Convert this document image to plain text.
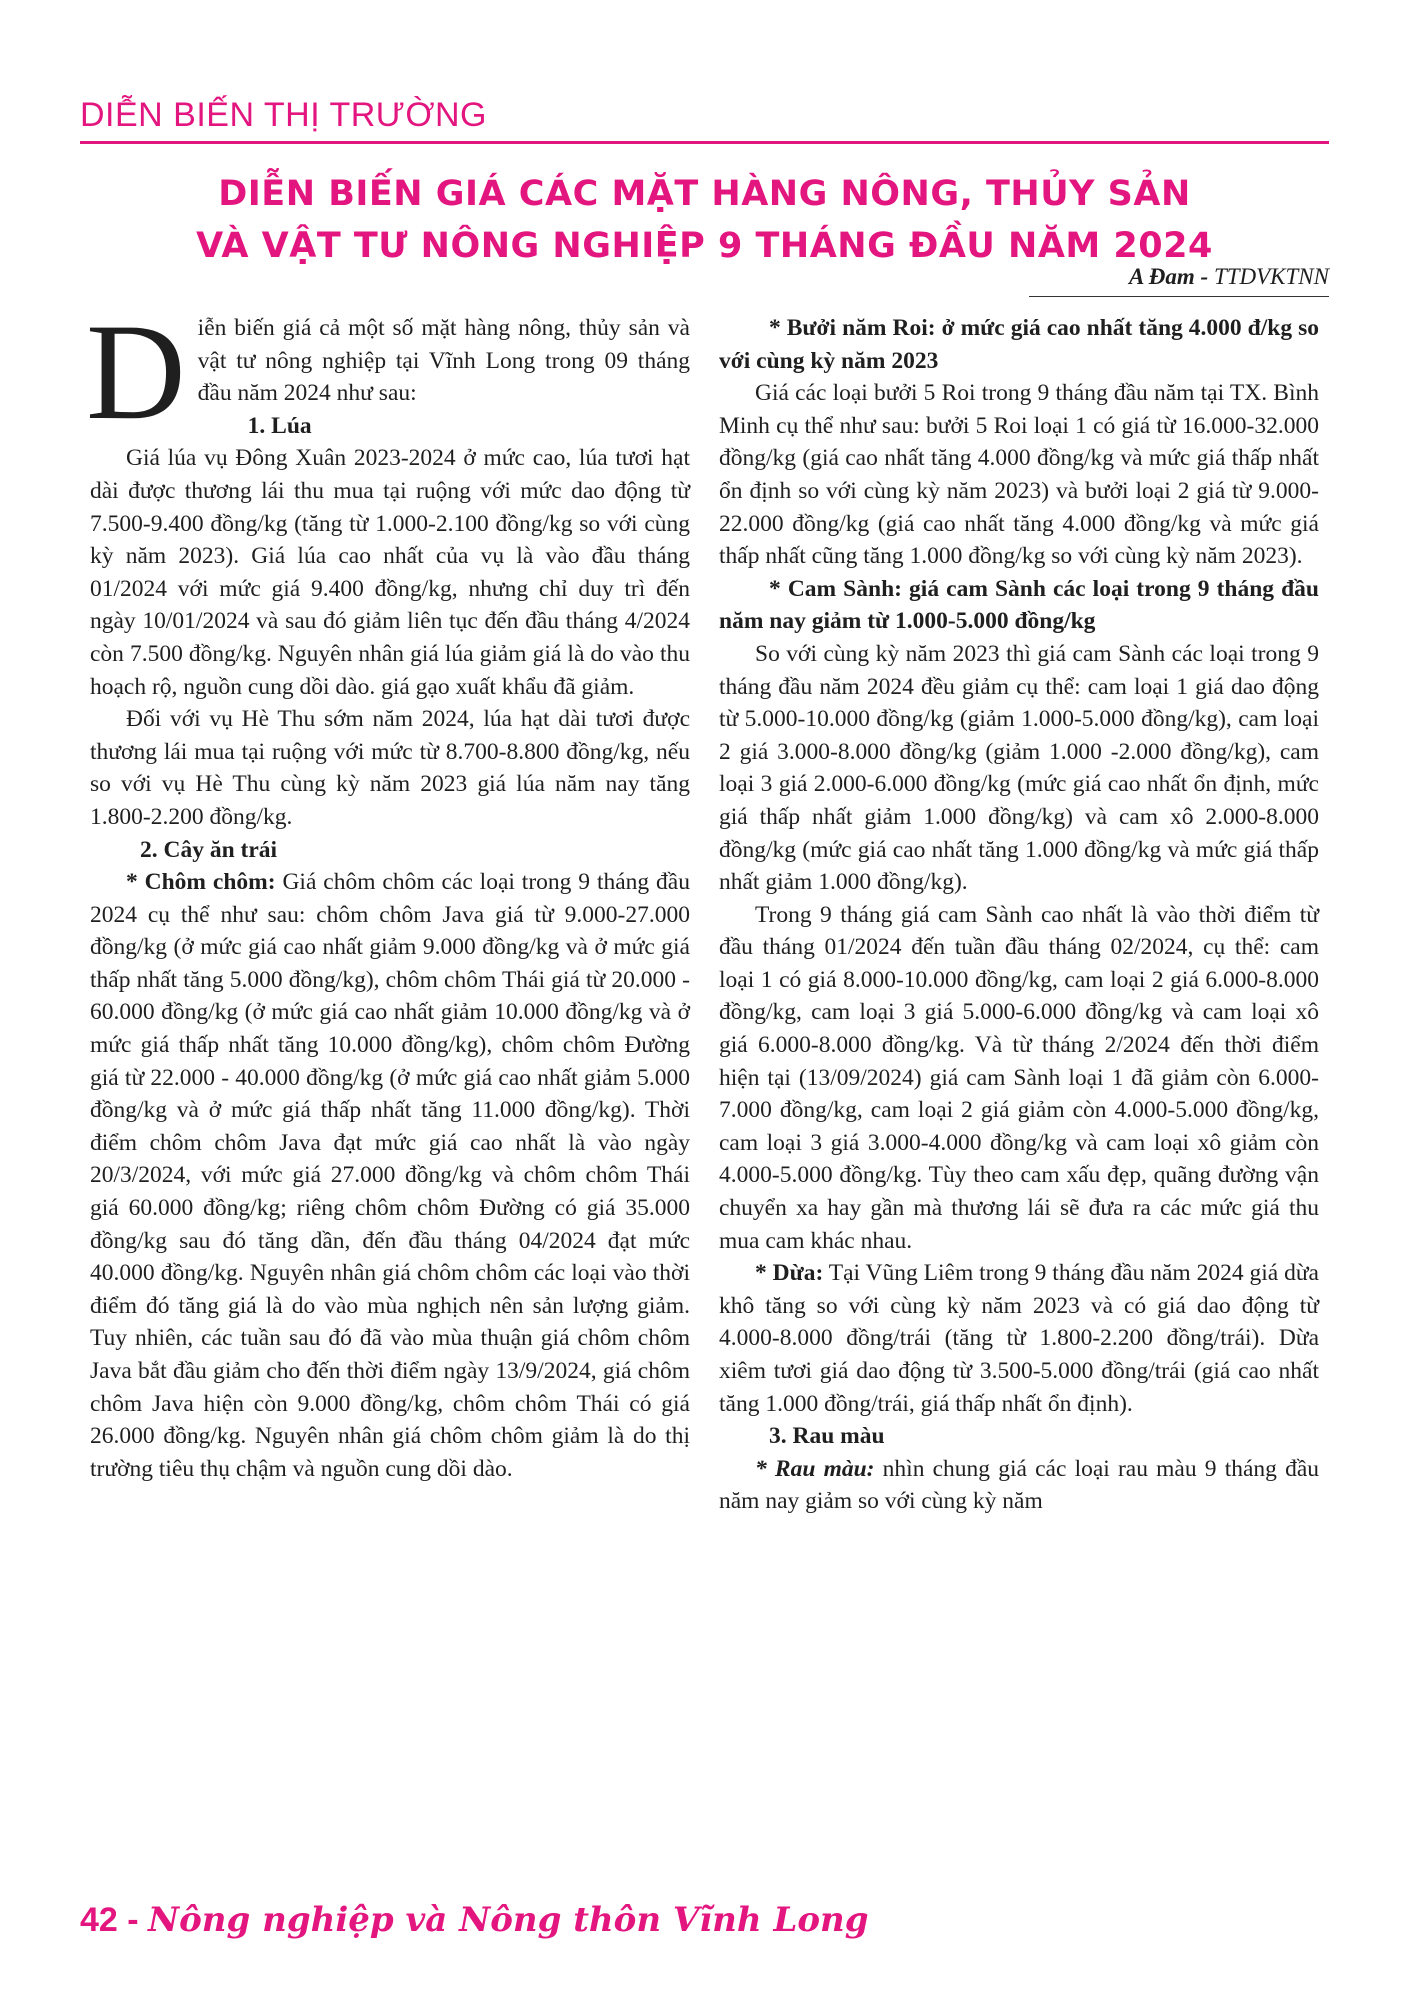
DIỄN BIẾN THỊ TRƯỜNG
DIỄN BIẾN GIÁ CÁC MẶT HÀNG NÔNG, THỦY SẢN
VÀ VẬT TƯ NÔNG NGHIỆP 9 THÁNG ĐẦU NĂM 2024
A Đam - TTDVKTNN

Diễn biến giá cả một số mặt hàng nông, thủy sản và vật tư nông nghiệp tại Vĩnh Long trong 09 tháng đầu năm 2024 như sau:

1. Lúa

Giá lúa vụ Đông Xuân 2023-2024 ở mức cao, lúa tươi hạt dài được thương lái thu mua tại ruộng với mức dao động từ 7.500-9.400 đồng/kg (tăng từ 1.000-2.100 đồng/kg so với cùng kỳ năm 2023). Giá lúa cao nhất của vụ là vào đầu tháng 01/2024 với mức giá 9.400 đồng/kg, nhưng chỉ duy trì đến ngày 10/01/2024 và sau đó giảm liên tục đến đầu tháng 4/2024 còn 7.500 đồng/kg. Nguyên nhân giá lúa giảm giá là do vào thu hoạch rộ, nguồn cung dồi dào. giá gạo xuất khẩu đã giảm.

Đối với vụ Hè Thu sớm năm 2024, lúa hạt dài tươi được thương lái mua tại ruộng với mức từ 8.700-8.800 đồng/kg, nếu so với vụ Hè Thu cùng kỳ năm 2023 giá lúa năm nay tăng 1.800-2.200 đồng/kg.

2. Cây ăn trái

* Chôm chôm: Giá chôm chôm các loại trong 9 tháng đầu 2024 cụ thể như sau: chôm chôm Java giá từ 9.000-27.000 đồng/kg (ở mức giá cao nhất giảm 9.000 đồng/kg và ở mức giá thấp nhất tăng 5.000 đồng/kg), chôm chôm Thái giá từ 20.000 - 60.000 đồng/kg (ở mức giá cao nhất giảm 10.000 đồng/kg và ở mức giá thấp nhất tăng 10.000 đồng/kg), chôm chôm Đường giá từ 22.000 - 40.000 đồng/kg (ở mức giá cao nhất giảm 5.000 đồng/kg và ở mức giá thấp nhất tăng 11.000 đồng/kg). Thời điểm chôm chôm Java đạt mức giá cao nhất là vào ngày 20/3/2024, với mức giá 27.000 đồng/kg và chôm chôm Thái giá 60.000 đồng/kg; riêng chôm chôm Đường có giá 35.000 đồng/kg sau đó tăng dần, đến đầu tháng 04/2024 đạt mức 40.000 đồng/kg. Nguyên nhân giá chôm chôm các loại vào thời điểm đó tăng giá là do vào mùa nghịch nên sản lượng giảm. Tuy nhiên, các tuần sau đó đã vào mùa thuận giá chôm chôm Java bắt đầu giảm cho đến thời điểm ngày 13/9/2024, giá chôm chôm Java hiện còn 9.000 đồng/kg, chôm chôm Thái có giá 26.000 đồng/kg. Nguyên nhân giá chôm chôm giảm là do thị trường tiêu thụ chậm và nguồn cung dồi dào.

* Bưởi năm Roi: ở mức giá cao nhất tăng 4.000 đ/kg so với cùng kỳ năm 2023

Giá các loại bưởi 5 Roi trong 9 tháng đầu năm tại TX. Bình Minh cụ thể như sau: bưởi 5 Roi loại 1 có giá từ 16.000-32.000 đồng/kg (giá cao nhất tăng 4.000 đồng/kg và mức giá thấp nhất ổn định so với cùng kỳ năm 2023) và bưởi loại 2 giá từ 9.000-22.000 đồng/kg (giá cao nhất tăng 4.000 đồng/kg và mức giá thấp nhất cũng tăng 1.000 đồng/kg so với cùng kỳ năm 2023).

* Cam Sành: giá cam Sành các loại trong 9 tháng đầu năm nay giảm từ 1.000-5.000 đồng/kg

So với cùng kỳ năm 2023 thì giá cam Sành các loại trong 9 tháng đầu năm 2024 đều giảm cụ thể: cam loại 1 giá dao động từ 5.000-10.000 đồng/kg (giảm 1.000-5.000 đồng/kg), cam loại 2 giá 3.000-8.000 đồng/kg (giảm 1.000 -2.000 đồng/kg), cam loại 3 giá 2.000-6.000 đồng/kg (mức giá cao nhất ổn định, mức giá thấp nhất giảm 1.000 đồng/kg) và cam xô 2.000-8.000 đồng/kg (mức giá cao nhất tăng 1.000 đồng/kg và mức giá thấp nhất giảm 1.000 đồng/kg).

Trong 9 tháng giá cam Sành cao nhất là vào thời điểm từ đầu tháng 01/2024 đến tuần đầu tháng 02/2024, cụ thể: cam loại 1 có giá 8.000-10.000 đồng/kg, cam loại 2 giá 6.000-8.000 đồng/kg, cam loại 3 giá 5.000-6.000 đồng/kg và cam loại xô giá 6.000-8.000 đồng/kg. Và từ tháng 2/2024 đến thời điểm hiện tại (13/09/2024) giá cam Sành loại 1 đã giảm còn 6.000-7.000 đồng/kg, cam loại 2 giá giảm còn 4.000-5.000 đồng/kg, cam loại 3 giá 3.000-4.000 đồng/kg và cam loại xô giảm còn 4.000-5.000 đồng/kg. Tùy theo cam xấu đẹp, quãng đường vận chuyển xa hay gần mà thương lái sẽ đưa ra các mức giá thu mua cam khác nhau.

* Dừa: Tại Vũng Liêm trong 9 tháng đầu năm 2024 giá dừa khô tăng so với cùng kỳ năm 2023 và có giá dao động từ 4.000-8.000 đồng/trái (tăng từ 1.800-2.200 đồng/trái). Dừa xiêm tươi giá dao động từ 3.500-5.000 đồng/trái (giá cao nhất tăng 1.000 đồng/trái, giá thấp nhất ổn định).

3. Rau màu

* Rau màu: nhìn chung giá các loại rau màu 9 tháng đầu năm nay giảm so với cùng kỳ năm

42 - Nông nghiệp và Nông thôn Vĩnh Long
